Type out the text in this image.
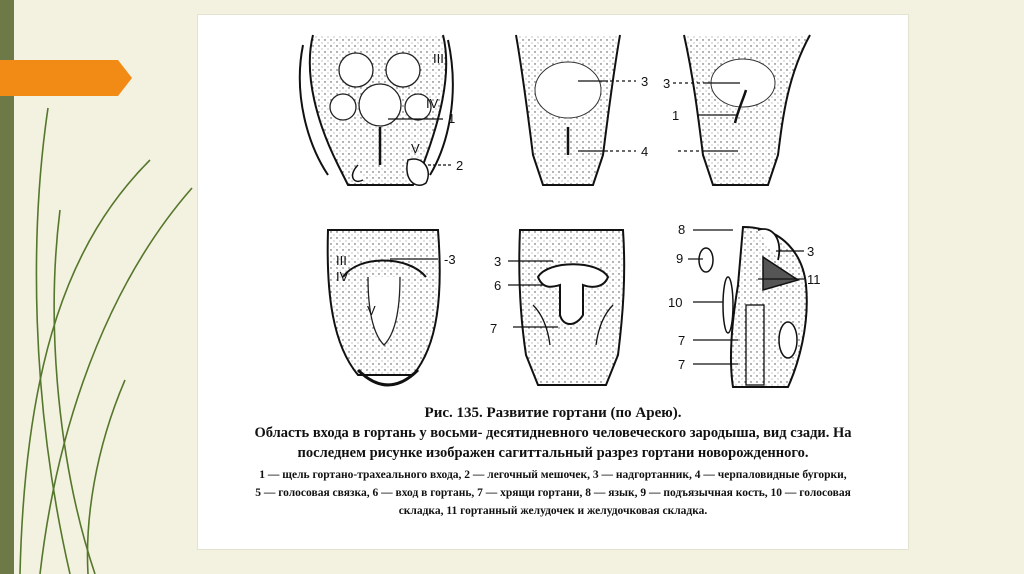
III
IV
1
V
2
3
4
3
1
III
IV
V
-3	3
6
7
8
9
10
7
7
3
11
Рис. 135. Развитие гортани (по Арею).
Область входа в гортань у восьми- десятидневного человеческого зародыша, вид сзади. На
последнем рисунке изображен сагиттальный разрез гортани новорожденного.
1 — щель гортано-трахеального входа, 2 — легочный мешочек, 3 — надгортанник, 4 — черпаловидные бугорки,
5 — голосовая связка, 6 — вход в гортань, 7 — хрящи гортани, 8 — язык, 9 — подъязычная кость, 10 — голосовая
складка, 11 гортанный желудочек и желудочковая складка.
